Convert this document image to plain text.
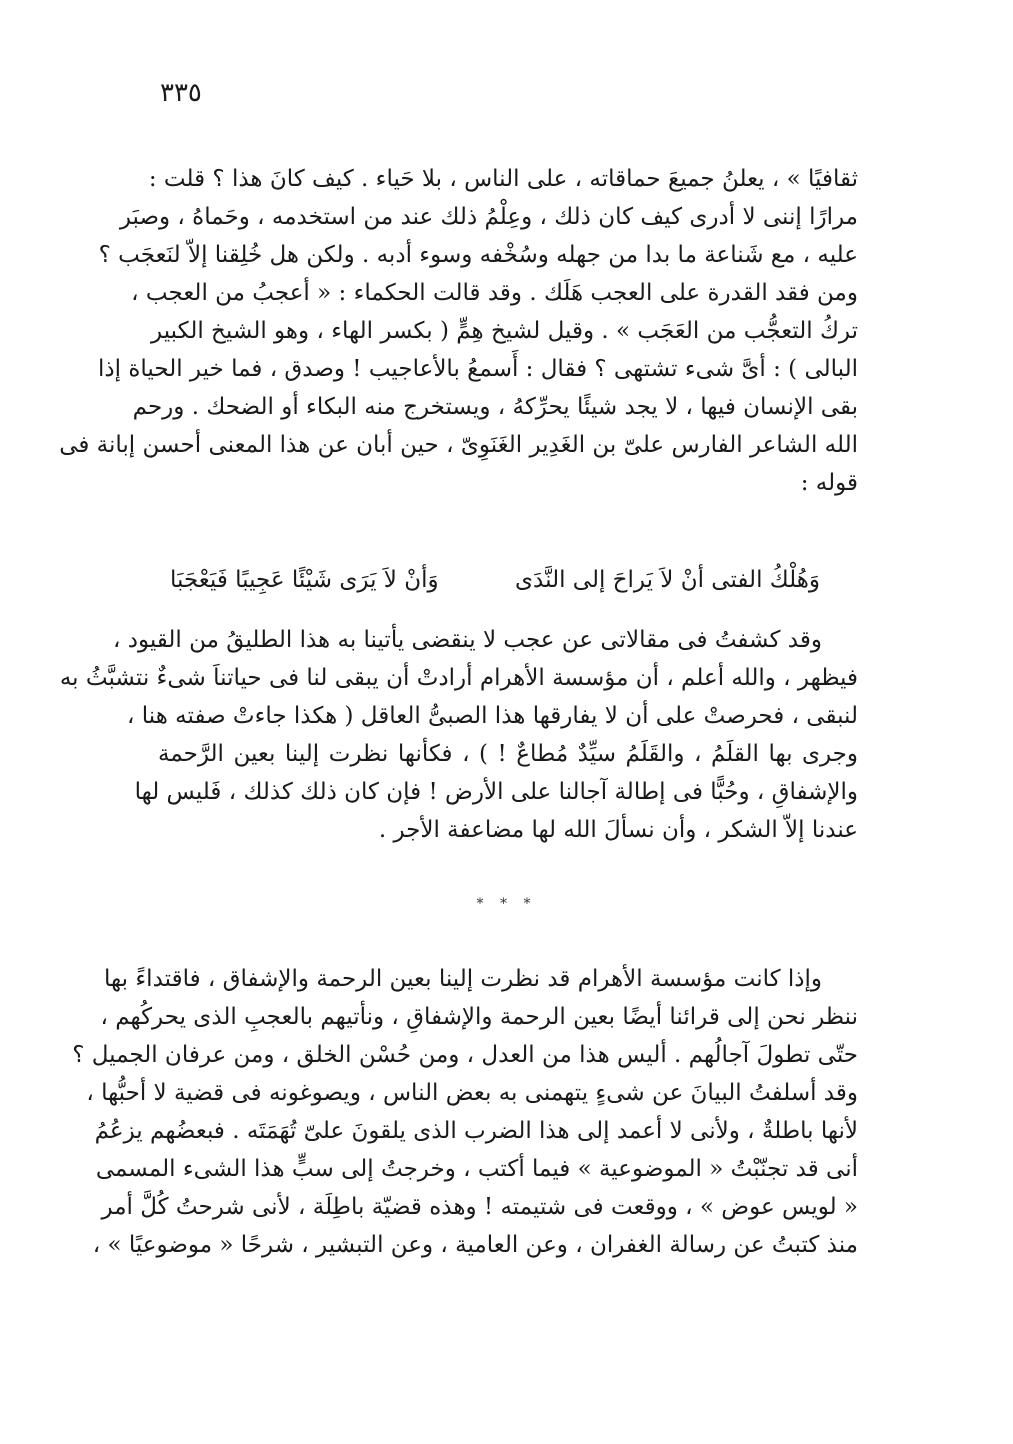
٣٣٥
ثقافيًا » ، يعلنُ جميعَ حماقاته ، على الناس ، بلا حَياء . كيف كانَ هذا ؟ قلت :
مرارًا إننى لا أدرى كيف كان ذلك ، وعِلْمُ ذلك عند من استخدمه ، وحَماهُ ، وصبَر
عليه ، مع شَناعة ما بدا من جهله وسُخْفه وسوء أدبه . ولكن هل خُلِقنا إلاّ لنَعجَب ؟
ومن فقد القدرة على العجب هَلَك . وقد قالت الحكماء : « أعجبُ من العجب ،
تركُ التعجُّب من العَجَب » . وقيل لشيخ هِمٍّ ( بكسر الهاء ، وهو الشيخ الكبير
البالى ) : أىَّ شىء تشتهى ؟ فقال : أَسمعُ بالأعاجيب ! وصدق ، فما خير الحياة إذا
بقى الإنسان فيها ، لا يجد شيئًا يحرِّكهُ ، ويستخرج منه البكاء أو الضحك . ورحم
الله الشاعر الفارس علىّ بن الغَدِير الغَنَوِىّ ، حين أبان عن هذا المعنى أحسن إبانة فى
قوله :
وَهُلْكُ الفتى أنْ لاَ يَراحَ إلى النَّدَى
وَأنْ لاَ يَرَى شَيْئًا عَجِيبًا فَيَعْجَبَا
وقد كشفتُ فى مقالاتى عن عجب لا ينقضى يأتينا به هذا الطليقُ من القيود ،
فيظهر ، والله أعلم ، أن مؤسسة الأهرام أرادتْ أن يبقى لنا فى حياتناَ شىءٌ نتشبَّثُ به
لنبقى ، فحرصتْ على أن لا يفارقها هذا الصبىُّ العاقل ( هكذا جاءتْ صفته هنا ،
وجرى بها القلَمُ ، والقَلَمُ سيِّدٌ مُطاعٌ ! ) ، فكأنها نظرت إلينا بعين الرَّحمة
والإشفاقِ ، وحُبًّا فى إطالة آجالنا على الأرض ! فإن كان ذلك كذلك ، فَليس لها
عندنا إلاّ الشكر ، وأن نسألَ الله لها مضاعفة الأجر .
* * *
وإذا كانت مؤسسة الأهرام قد نظرت إلينا بعين الرحمة والإشفاق ، فاقتداءً بها
ننظر نحن إلى قرائنا أيضًا بعين الرحمة والإشفاقِ ، ونأتيهم بالعجبِ الذى يحركُهم ،
حتّى تطولَ آجالُهم . أليس هذا من العدل ، ومن حُسْن الخلق ، ومن عرفان الجميل ؟
وقد أسلفتُ البيانَ عن شىءٍ يتهمنى به بعض الناس ، ويصوغونه فى قضية لا أحبُّها ،
لأنها باطلةٌ ، ولأنى لا أعمد إلى هذا الضرب الذى يلقونَ علىّ تُهَمَتَه . فبعضُهم يزعُمُ
أنى قد تجنّبْتُ « الموضوعية » فيما أكتب ، وخرجتُ إلى سبٍّ هذا الشىء المسمى
« لويس عوض » ، ووقعت فى شتيمته ! وهذه قضيّة باطِلَة ، لأنى شرحتُ كُلَّ أمر
منذ كتبتُ عن رسالة الغفران ، وعن العامية ، وعن التبشير ، شرحًا « موضوعيًا » ،
